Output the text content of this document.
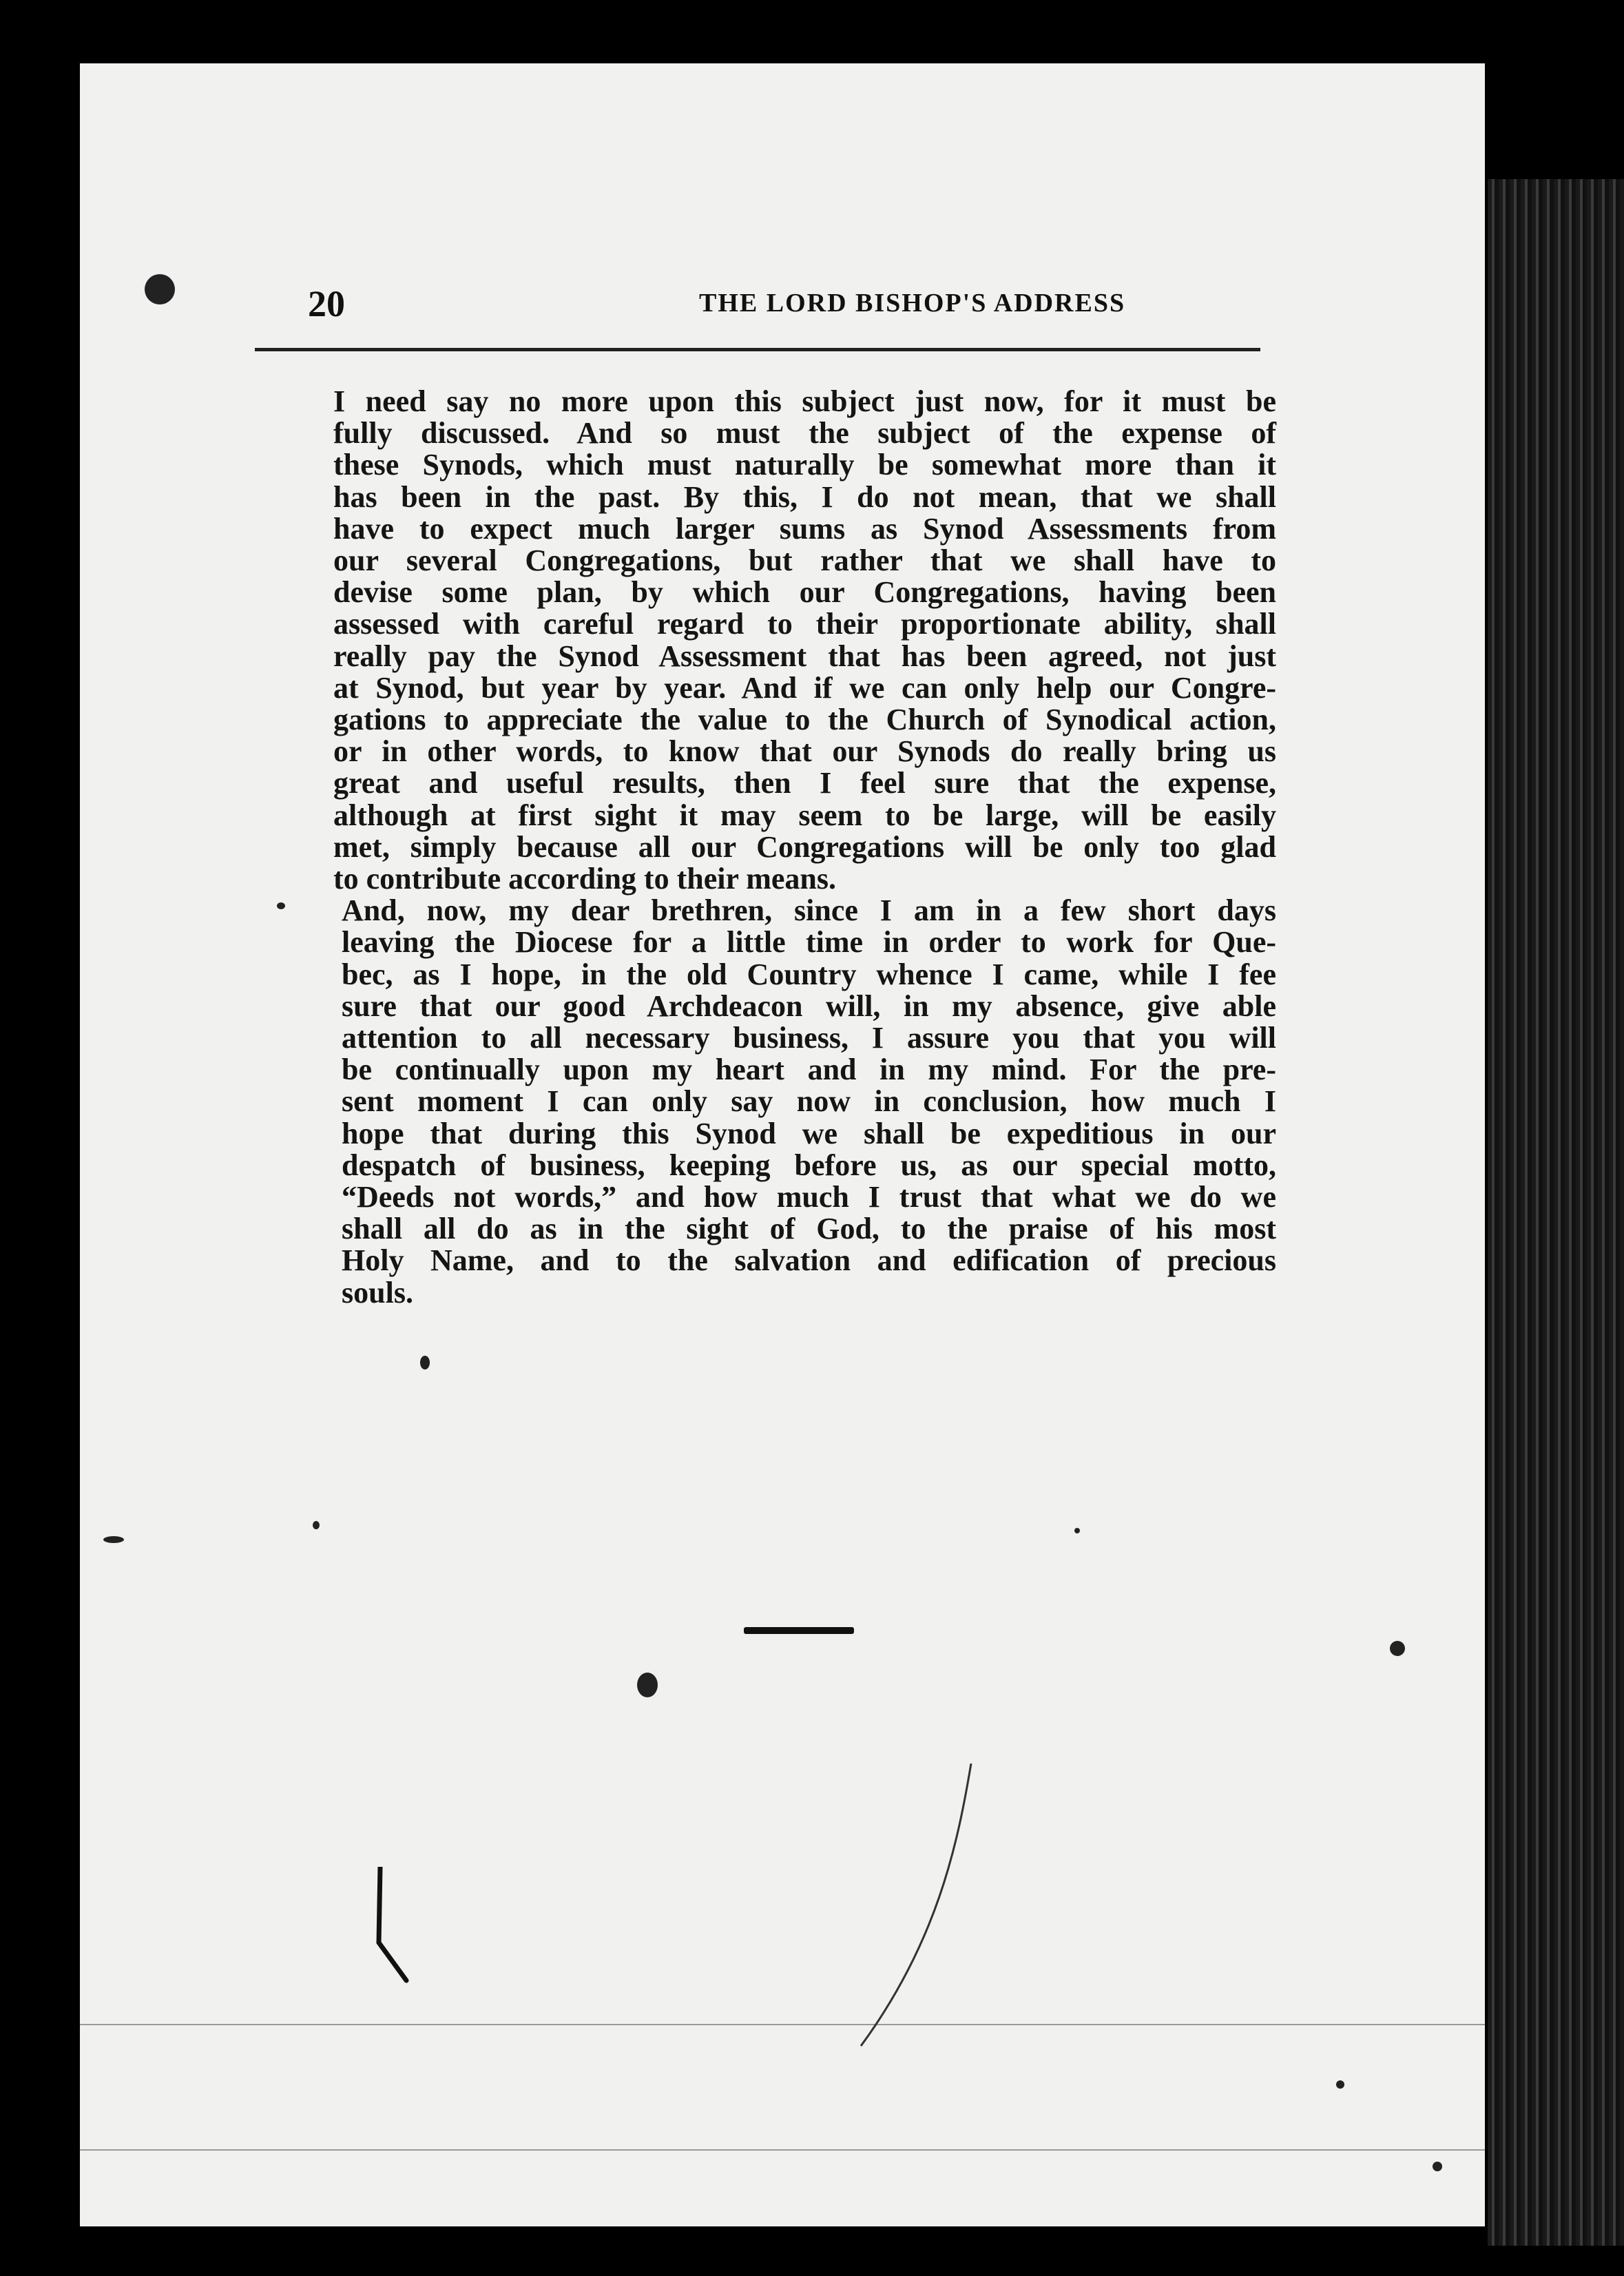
20	THE LORD BISHOP'S ADDRESS

I need say no more upon this subject just now, for it must be
fully discussed. And so must the subject of the expense of
these Synods, which must naturally be somewhat more than it
has been in the past. By this, I do not mean, that we shall
have to expect much larger sums as Synod Assessments from
our several Congregations, but rather that we shall have to
devise some plan, by which our Congregations, having been
assessed with careful regard to their proportionate ability, shall
really pay the Synod Assessment that has been agreed, not just
at Synod, but year by year. And if we can only help our Congre-
gations to appreciate the value to the Church of Synodical action,
or in other words, to know that our Synods do really bring us
great and useful results, then I feel sure that the expense,
although at first sight it may seem to be large, will be easily
met, simply because all our Congregations will be only too glad
to contribute according to their means.

And, now, my dear brethren, since I am in a few short days
leaving the Diocese for a little time in order to work for Que-
bec, as I hope, in the old Country whence I came, while I fee
sure that our good Archdeacon will, in my absence, give able
attention to all necessary business, I assure you that you will
be continually upon my heart and in my mind. For the pre-
sent moment I can only say now in conclusion, how much I
hope that during this Synod we shall be expeditious in our
despatch of business, keeping before us, as our special motto,
“Deeds not words,” and how much I trust that what we do we
shall all do as in the sight of God, to the praise of his most
Holy Name, and to the salvation and edification of precious
souls.
